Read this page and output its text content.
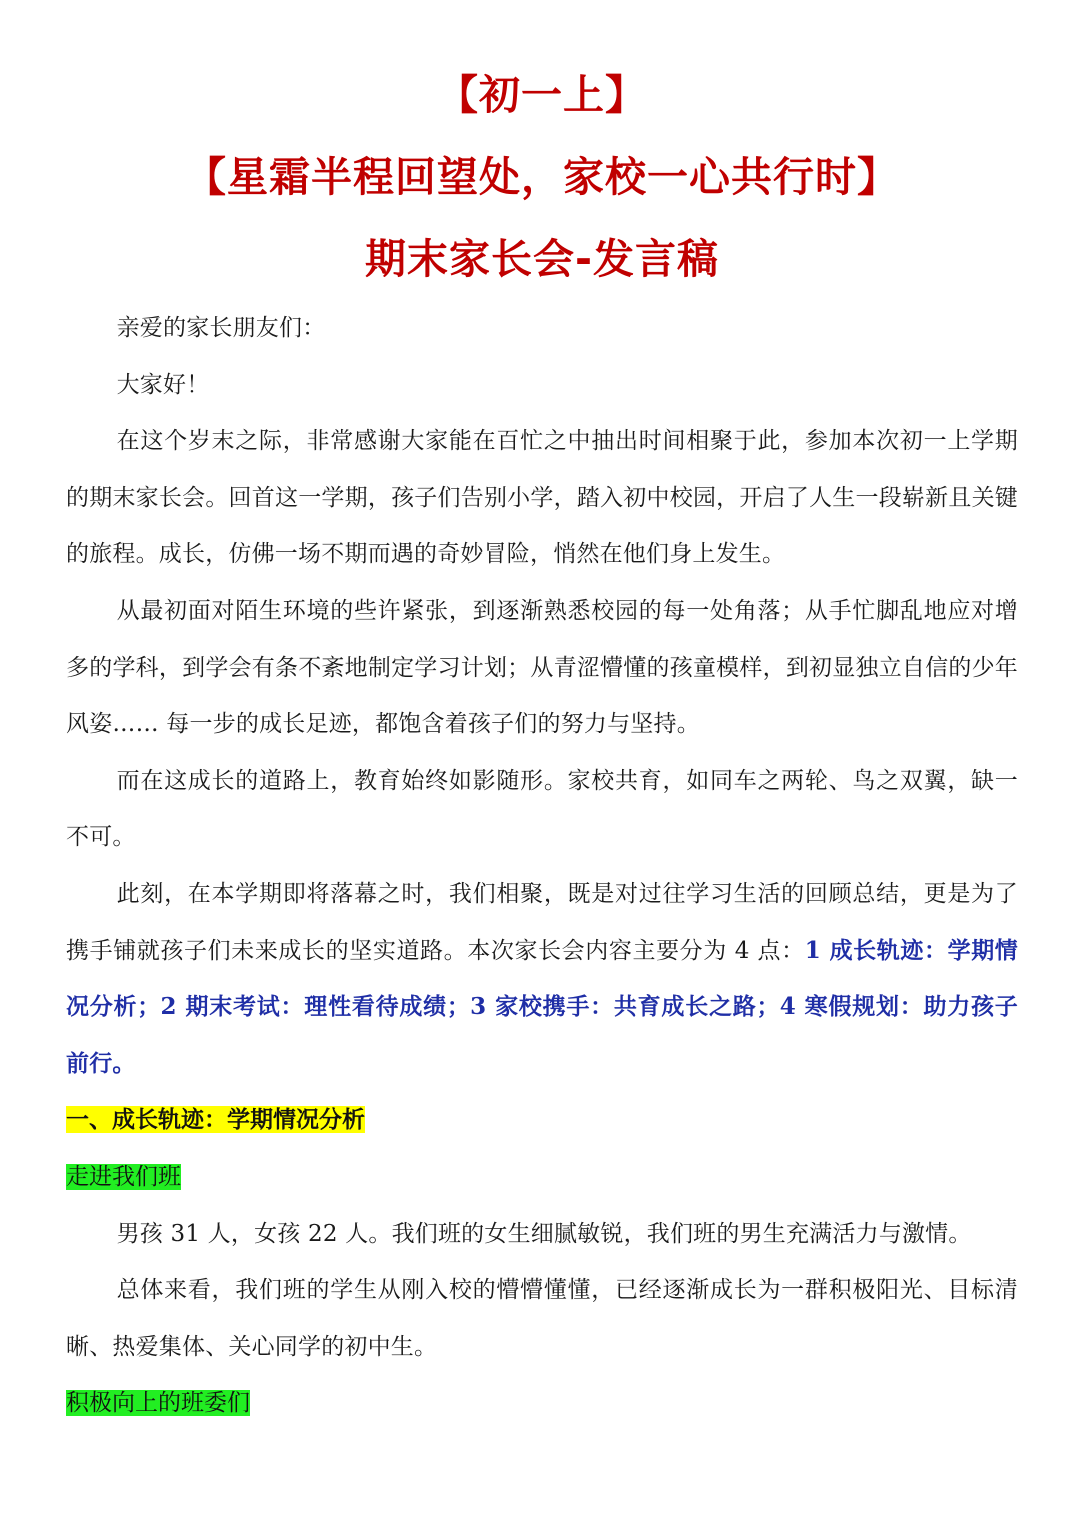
【初一上】
【星霜半程回望处，家校一心共行时】
期末家长会-发言稿

亲爱的家长朋友们：

大家好！

在这个岁末之际，非常感谢大家能在百忙之中抽出时间相聚于此，参加本次初一上学期的期末家长会。回首这一学期，孩子们告别小学，踏入初中校园，开启了人生一段崭新且关键的旅程。成长，仿佛一场不期而遇的奇妙冒险，悄然在他们身上发生。

从最初面对陌生环境的些许紧张，到逐渐熟悉校园的每一处角落；从手忙脚乱地应对增多的学科，到学会有条不紊地制定学习计划；从青涩懵懂的孩童模样，到初显独立自信的少年风姿…… 每一步的成长足迹，都饱含着孩子们的努力与坚持。

而在这成长的道路上，教育始终如影随形。家校共育，如同车之两轮、鸟之双翼，缺一不可。

此刻，在本学期即将落幕之时，我们相聚，既是对过往学习生活的回顾总结，更是为了携手铺就孩子们未来成长的坚实道路。本次家长会内容主要分为 4 点：1 成长轨迹：学期情况分析；2 期末考试：理性看待成绩；3 家校携手：共育成长之路；4 寒假规划：助力孩子前行。

一、成长轨迹：学期情况分析

走进我们班

男孩 31 人，女孩 22 人。我们班的女生细腻敏锐，我们班的男生充满活力与激情。

总体来看，我们班的学生从刚入校的懵懵懂懂，已经逐渐成长为一群积极阳光、目标清晰、热爱集体、关心同学的初中生。

积极向上的班委们
